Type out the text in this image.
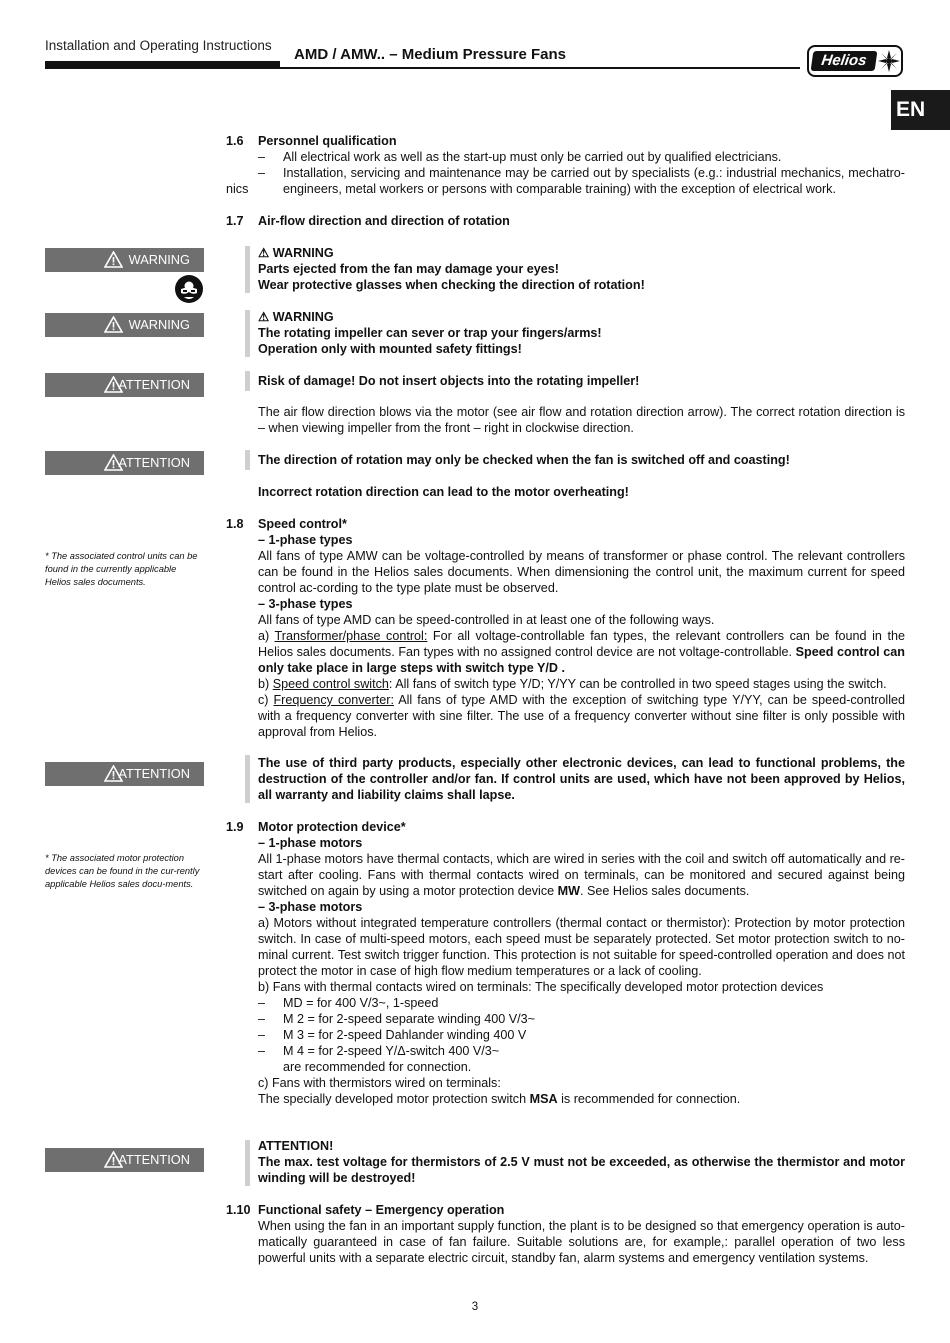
Installation and Operating Instructions
AMD / AMW.. – Medium Pressure Fans	Helios
EN
1.6 Personnel qualification
– All electrical work as well as the start-up must only be carried out by qualified electricians.
– Installation, servicing and maintenance may be carried out by specialists (e.g.: industrial mechanics, mechatro-
nics	engineers, metal workers or persons with comparable training) with the exception of electrical work.
1.7 Air-flow direction and direction of rotation
WARNING	⚠ WARNING
Parts ejected from the fan may damage your eyes!
Wear protective glasses when checking the direction of rotation!
WARNING	⚠ WARNING
The rotating impeller can sever or trap your fingers/arms!
Operation only with mounted safety fittings!
ATTENTION	Risk of damage! Do not insert objects into the rotating impeller!
The air flow direction blows via the motor (see air flow and rotation direction arrow). The correct rotation direction is – when viewing impeller from the front – right in clockwise direction.
ATTENTION	The direction of rotation may only be checked when the fan is switched off and coasting!
Incorrect rotation direction can lead to the motor overheating!
1.8 Speed control*
– 1-phase types
All fans of type AMW can be voltage-controlled by means of transformer or phase control. The relevant controllers can be found in the Helios sales documents. When dimensioning the control unit, the maximum current for speed control ac-cording to the type plate must be observed.
– 3-phase types
All fans of type AMD can be speed-controlled in at least one of the following ways.
a) Transformer/phase control: For all voltage-controllable fan types, the relevant controllers can be found in the Helios sales documents. Fan types with no assigned control device are not voltage-controllable. Speed control can only take place in large steps with switch type Y/D .
b) Speed control switch: All fans of switch type Y/D; Y/YY can be controlled in two speed stages using the switch.
c) Frequency converter: All fans of type AMD with the exception of switching type Y/YY, can be speed-controlled with a frequency converter with sine filter. The use of a frequency converter without sine filter is only possible with approval from Helios.
* The associated control units can be found in the currently applicable Helios sales documents.
ATTENTION
The use of third party products, especially other electronic devices, can lead to functional problems, the destruction of the controller and/or fan. If control units are used, which have not been approved by Helios, all warranty and liability claims shall lapse.
1.9 Motor protection device*
– 1-phase motors
All 1-phase motors have thermal contacts, which are wired in series with the coil and switch off automatically and re-start after cooling. Fans with thermal contacts wired on terminals, can be monitored and secured against being switched on again by using a motor protection device MW. See Helios sales documents.
– 3-phase motors
a) Motors without integrated temperature controllers (thermal contact or thermistor): Protection by motor protection switch. In case of multi-speed motors, each speed must be separately protected. Set motor protection switch to no-minal current. Test switch trigger function. This protection is not suitable for speed-controlled operation and does not protect the motor in case of high flow medium temperatures or a lack of cooling.
b) Fans with thermal contacts wired on terminals: The specifically developed motor protection devices
– MD = for 400 V/3~, 1-speed
– M 2 = for 2-speed separate winding 400 V/3~
– M 3 = for 2-speed Dahlander winding 400 V
– M 4 = for 2-speed Y/Δ-switch 400 V/3~
are recommended for connection.
c) Fans with thermistors wired on terminals:
The specially developed motor protection switch MSA is recommended for connection.
* The associated motor protection devices can be found in the cur-rently applicable Helios sales docu-ments.
ATTENTION
ATTENTION!
The max. test voltage for thermistors of 2.5 V must not be exceeded, as otherwise the thermistor and motor winding will be destroyed!
1.10 Functional safety – Emergency operation
When using the fan in an important supply function, the plant is to be designed so that emergency operation is auto-matically guaranteed in case of fan failure. Suitable solutions are, for example,: parallel operation of two less powerful units with a separate electric circuit, standby fan, alarm systems and emergency ventilation systems.
3
